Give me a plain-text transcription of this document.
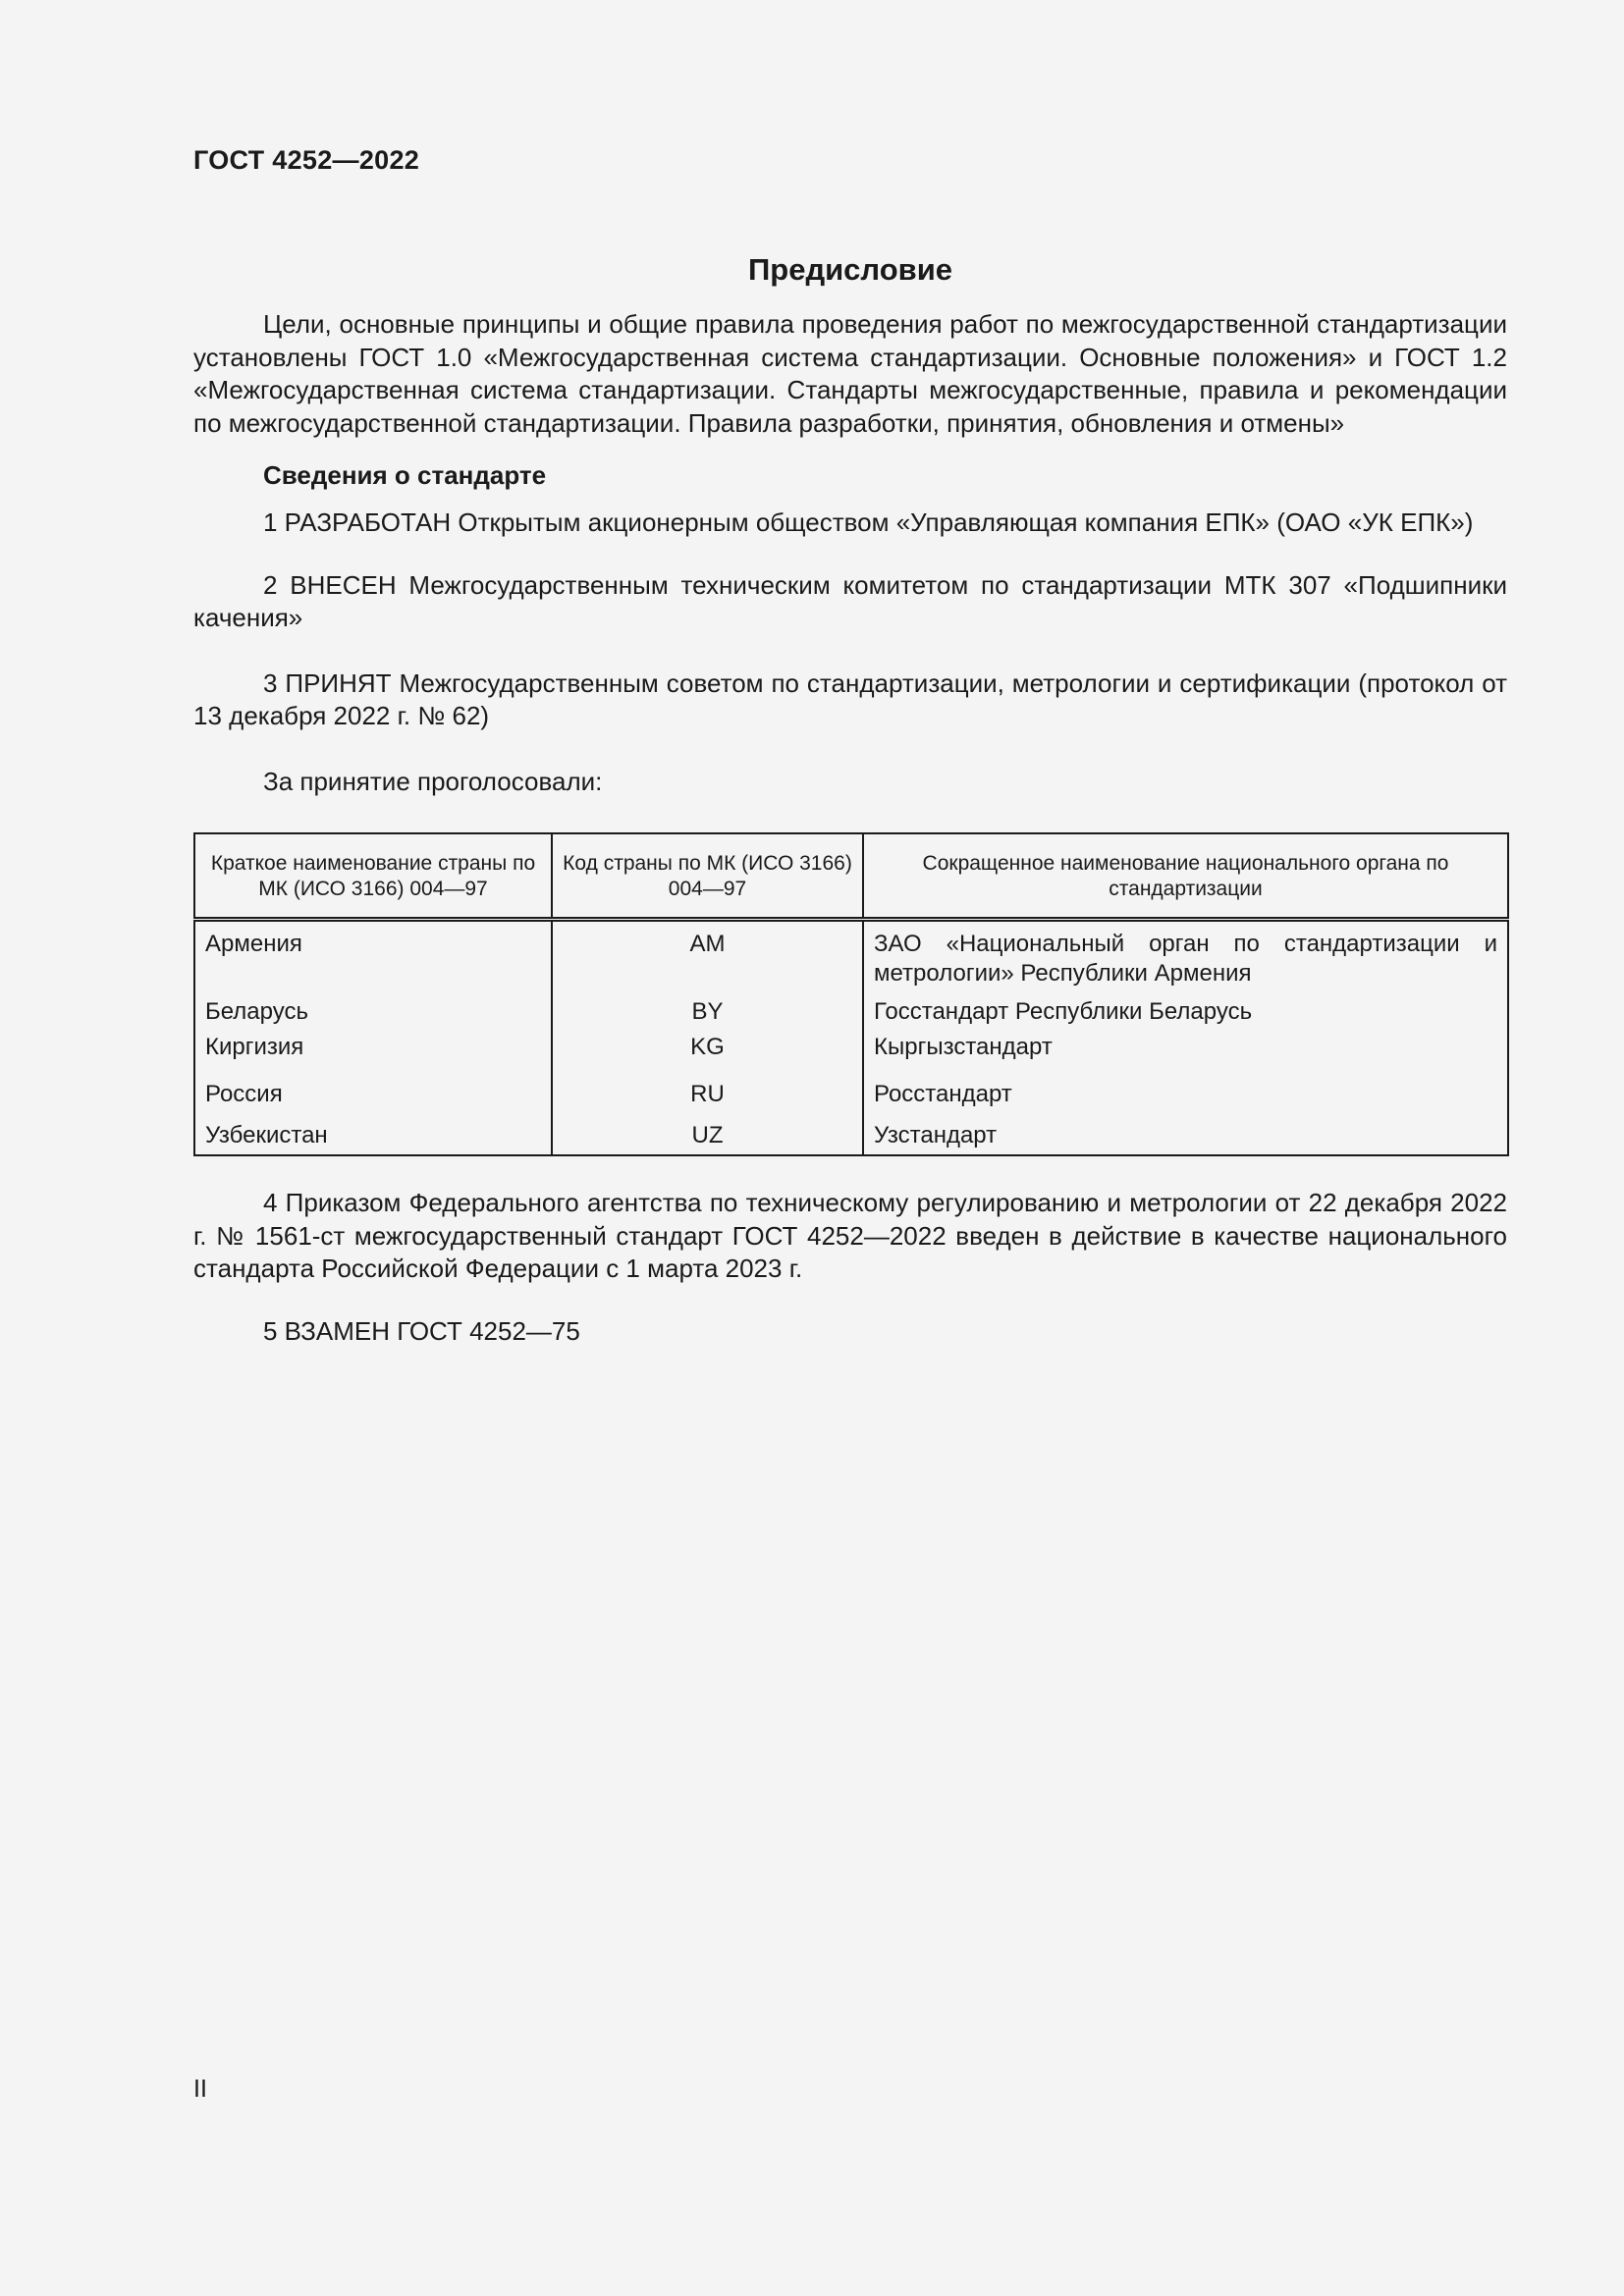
ГОСТ 4252—2022

Предисловие

Цели, основные принципы и общие правила проведения работ по межгосударственной стандартизации установлены ГОСТ 1.0 «Межгосударственная система стандартизации. Основные положения» и ГОСТ 1.2 «Межгосударственная система стандартизации. Стандарты межгосударственные, правила и рекомендации по межгосударственной стандартизации. Правила разработки, принятия, обновления и отмены»

Сведения о стандарте

1 РАЗРАБОТАН Открытым акционерным обществом «Управляющая компания ЕПК» (ОАО «УК ЕПК»)

2 ВНЕСЕН Межгосударственным техническим комитетом по стандартизации МТК 307 «Подшипники качения»

3 ПРИНЯТ Межгосударственным советом по стандартизации, метрологии и сертификации (протокол от 13 декабря 2022 г. № 62)

За принятие проголосовали:

Краткое наименование страны по МК (ИСО 3166) 004—97	Код страны по МК (ИСО 3166) 004—97	Сокращенное наименование национального органа по стандартизации
Армения	AM	ЗАО «Национальный орган по стандартизации и метрологии» Республики Армения
Беларусь	BY	Госстандарт Республики Беларусь
Киргизия	KG	Кыргызстандарт
Россия	RU	Росстандарт
Узбекистан	UZ	Узстандарт

4 Приказом Федерального агентства по техническому регулированию и метрологии от 22 декабря 2022 г. № 1561-ст межгосударственный стандарт ГОСТ 4252—2022 введен в действие в качестве национального стандарта Российской Федерации с 1 марта 2023 г.

5 ВЗАМЕН ГОСТ 4252—75

II
